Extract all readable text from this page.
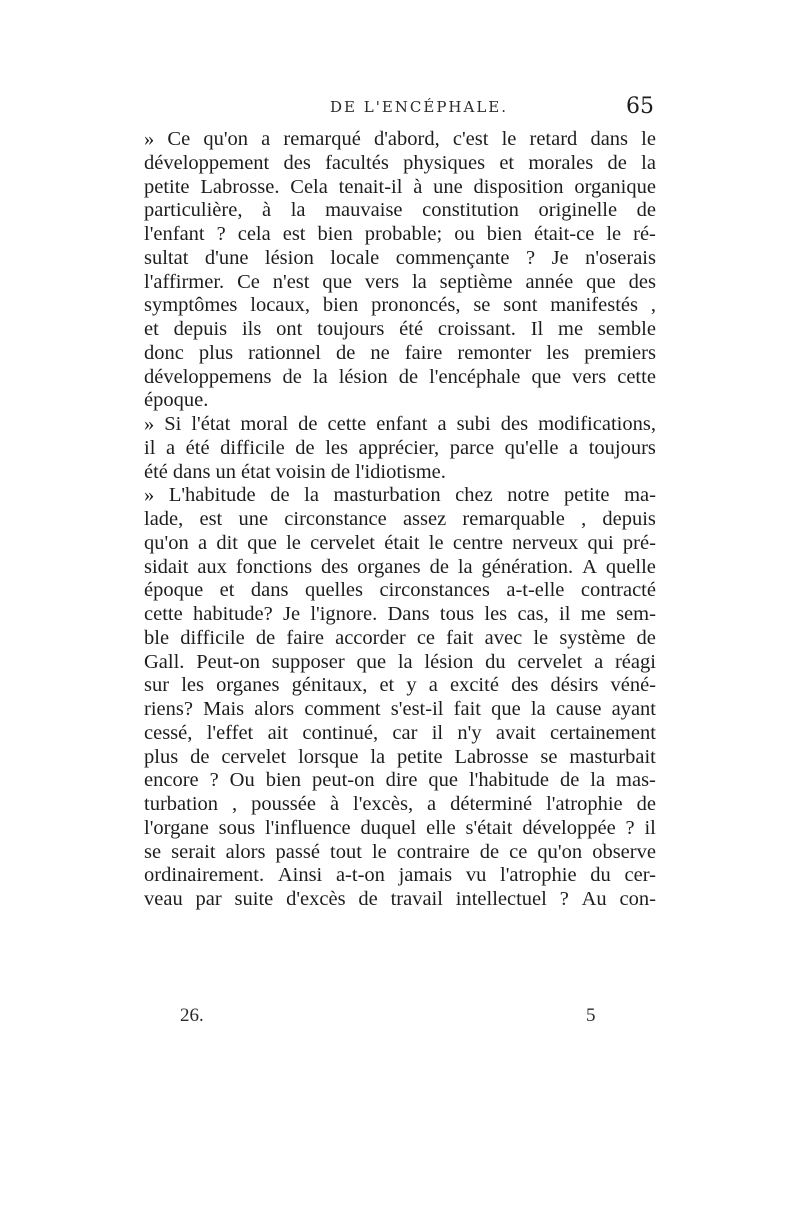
DE L'ENCÉPHALE.	65
» Ce qu'on a remarqué d'abord, c'est le retard dans le
développement des facultés physiques et morales de la
petite Labrosse. Cela tenait-il à une disposition organique
particulière, à la mauvaise constitution originelle de
l'enfant ? cela est bien probable; ou bien était-ce le ré-
sultat d'une lésion locale commençante ? Je n'oserais
l'affirmer. Ce n'est que vers la septième année que des
symptômes locaux, bien prononcés, se sont manifestés ,
et depuis ils ont toujours été croissant. Il me semble
donc plus rationnel de ne faire remonter les premiers
développemens de la lésion de l'encéphale que vers cette
époque.
» Si l'état moral de cette enfant a subi des modifications,
il a été difficile de les apprécier, parce qu'elle a toujours
été dans un état voisin de l'idiotisme.
» L'habitude de la masturbation chez notre petite ma-
lade, est une circonstance assez remarquable , depuis
qu'on a dit que le cervelet était le centre nerveux qui pré-
sidait aux fonctions des organes de la génération. A quelle
époque et dans quelles circonstances a-t-elle contracté
cette habitude? Je l'ignore. Dans tous les cas, il me sem-
ble difficile de faire accorder ce fait avec le système de
Gall. Peut-on supposer que la lésion du cervelet a réagi
sur les organes génitaux, et y a excité des désirs véné-
riens? Mais alors comment s'est-il fait que la cause ayant
cessé, l'effet ait continué, car il n'y avait certainement
plus de cervelet lorsque la petite Labrosse se masturbait
encore ? Ou bien peut-on dire que l'habitude de la mas-
turbation , poussée à l'excès, a déterminé l'atrophie de
l'organe sous l'influence duquel elle s'était développée ? il
se serait alors passé tout le contraire de ce qu'on observe
ordinairement. Ainsi a-t-on jamais vu l'atrophie du cer-
veau par suite d'excès de travail intellectuel ? Au con-
26.	5
